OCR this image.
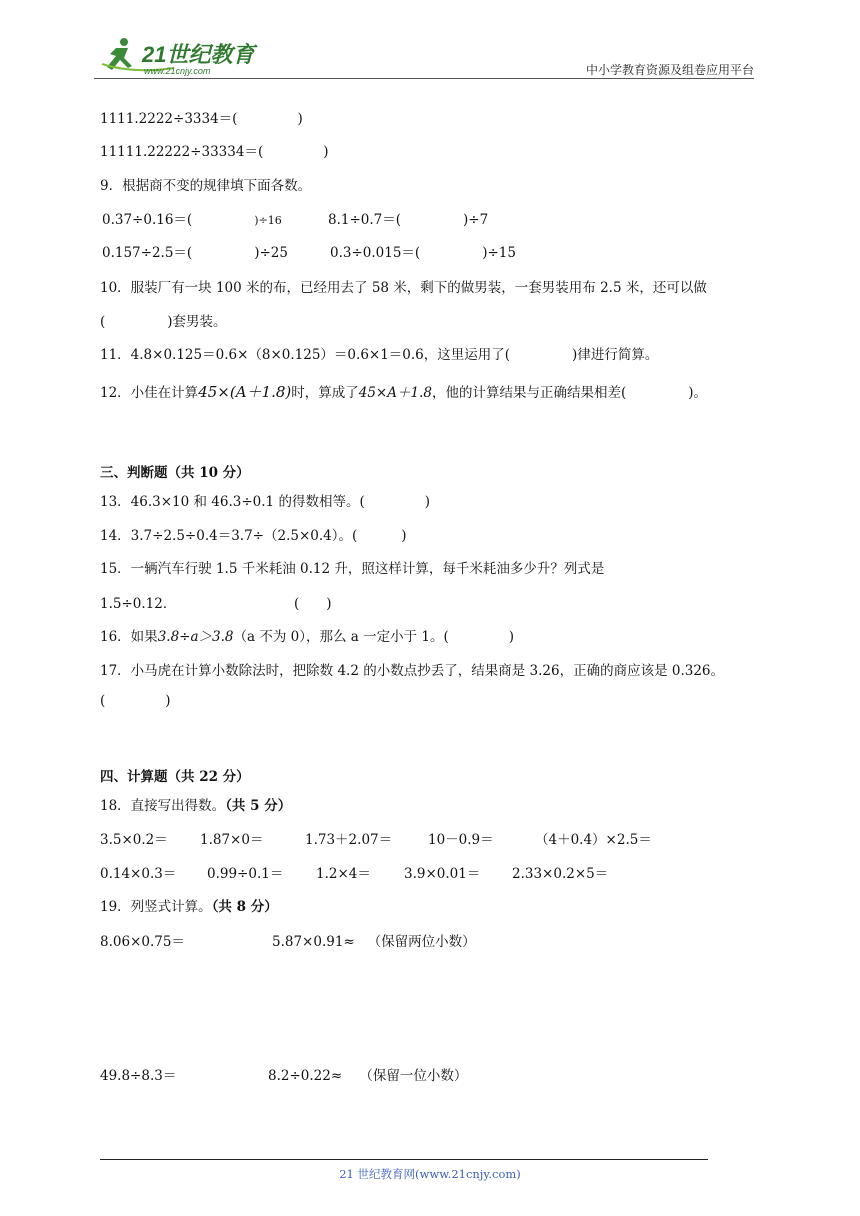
21世纪教育
www.21cnjy.com	中小学教育资源及组卷应用平台
1111.2222÷3334＝(	)
11111.22222÷33334＝(	)
9．根据商不变的规律填下面各数。
0.37÷0.16＝(	)÷16	8.1÷0.7＝(	)÷7
0.157÷2.5＝(	)÷25	0.3÷0.015＝(	)÷15
10．服装厂有一块 100 米的布，已经用去了 58 米，剩下的做男装，一套男装用布 2.5 米，还可以做
(	)套男装。
11．4.8×0.125＝0.6×（8×0.125）＝0.6×1＝0.6，这里运用了(	)律进行简算。
12．小佳在计算45×(A＋1.8)时，算成了45×A＋1.8，他的计算结果与正确结果相差(	)。
三、判断题（共 10 分）
13．46.3×10 和 46.3÷0.1 的得数相等。(	)
14．3.7÷2.5÷0.4＝3.7÷（2.5×0.4）。(	)
15．一辆汽车行驶 1.5 千米耗油 0.12 升，照这样计算，每千米耗油多少升？列式是
1.5÷0.12．	(　　)
16．如果3.8÷a＞3.8（a 不为 0），那么 a 一定小于 1。(	)
17．小马虎在计算小数除法时，把除数 4.2 的小数点抄丢了，结果商是 3.26，正确的商应该是 0.326。
(	)
四、计算题（共 22 分）
18．直接写出得数。（共 5 分）
3.5×0.2＝ 1.87×0＝	1.73＋2.07＝	10－0.9＝	（4＋0.4）×2.5＝
0.14×0.3＝ 0.99÷0.1＝ 1.2×4＝ 3.9×0.01＝ 2.33×0.2×5＝
19．列竖式计算。（共 8 分）
8.06×0.75＝	5.87×0.91≈ （保留两位小数）
49.8÷8.3＝	8.2÷0.22≈ （保留一位小数）
21 世纪教育网(www.21cnjy.com)
